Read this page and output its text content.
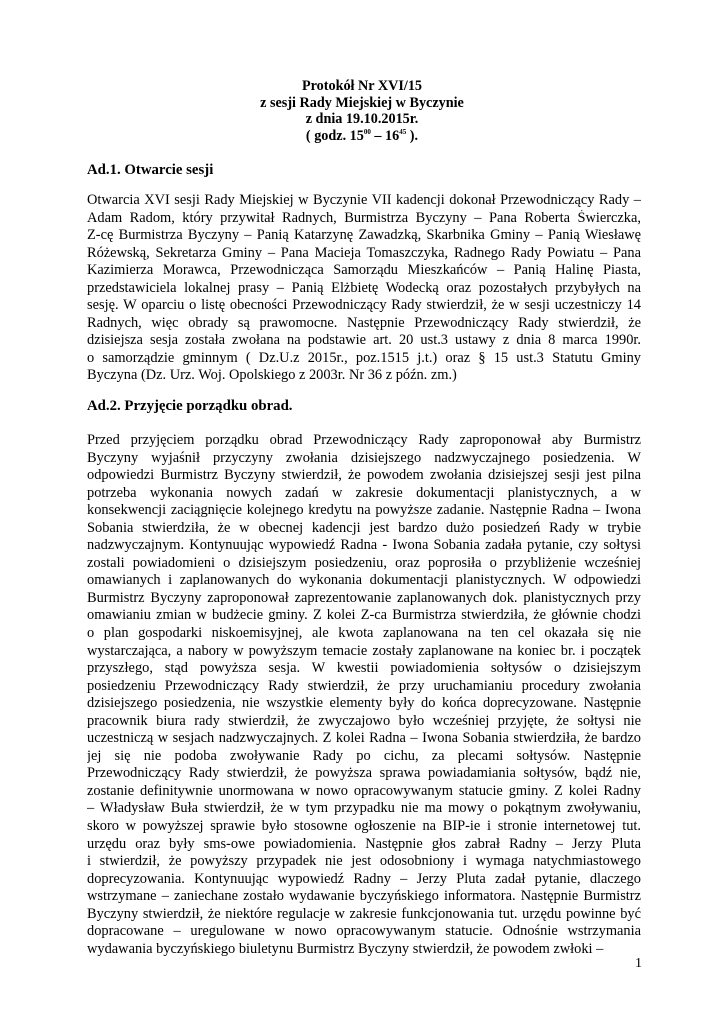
Protokół Nr XVI/15
z sesji Rady Miejskiej w Byczynie
z dnia 19.10.2015r.
( godz. $15^{00} - 16^{45}$ ).
Ad.1. Otwarcie sesji
Otwarcia XVI sesji Rady Miejskiej w Byczynie VII kadencji dokonał Przewodniczący Rady –
Adam Radom, który przywitał Radnych, Burmistrza Byczyny – Pana Roberta Świerczka,
Z-cę Burmistrza Byczyny – Panią Katarzynę Zawadzką, Skarbnika Gminy – Panią Wiesławę
Różewską, Sekretarza Gminy – Pana Macieja Tomaszczyka, Radnego Rady Powiatu – Pana
Kazimierza Morawca, Przewodnicząca Samorządu Mieszkańców – Panią Halinę Piasta,
przedstawiciela lokalnej prasy – Panią Elżbietę Wodecką oraz pozostałych przybyłych na
sesję. W oparciu o listę obecności Przewodniczący Rady stwierdził, że w sesji uczestniczy 14
Radnych, więc obrady są prawomocne. Następnie Przewodniczący Rady stwierdził, że
dzisiejsza sesja została zwołana na podstawie art. 20 ust.3 ustawy z dnia 8 marca 1990r.
o samorządzie gminnym ( Dz.U.z 2015r., poz.1515 j.t.) oraz § 15 ust.3 Statutu Gminy
Byczyna (Dz. Urz. Woj. Opolskiego z 2003r. Nr 36 z późn. zm.)
Ad.2. Przyjęcie porządku obrad.
Przed przyjęciem porządku obrad Przewodniczący Rady zaproponował aby Burmistrz
Byczyny wyjaśnił przyczyny zwołania dzisiejszego nadzwyczajnego posiedzenia. W
odpowiedzi Burmistrz Byczyny stwierdził, że powodem zwołania dzisiejszej sesji jest pilna
potrzeba wykonania nowych zadań w zakresie dokumentacji planistycznych, a w
konsekwencji zaciągnięcie kolejnego kredytu na powyższe zadanie. Następnie Radna – Iwona
Sobania stwierdziła, że w obecnej kadencji jest bardzo dużo posiedzeń Rady w trybie
nadzwyczajnym. Kontynuując wypowiedź Radna - Iwona Sobania zadała pytanie, czy sołtysi
zostali powiadomieni o dzisiejszym posiedzeniu, oraz poprosiła o przybliżenie wcześniej
omawianych i zaplanowanych do wykonania dokumentacji planistycznych. W odpowiedzi
Burmistrz Byczyny zaproponował zaprezentowanie zaplanowanych dok. planistycznych przy
omawianiu zmian w budżecie gminy. Z kolei Z-ca Burmistrza stwierdziła, że głównie chodzi
o plan gospodarki niskoemisyjnej, ale kwota zaplanowana na ten cel okazała się nie
wystarczająca, a nabory w powyższym temacie zostały zaplanowane na koniec br. i początek
przyszłego, stąd powyższa sesja. W kwestii powiadomienia sołtysów o dzisiejszym
posiedzeniu Przewodniczący Rady stwierdził, że przy uruchamianiu procedury zwołania
dzisiejszego posiedzenia, nie wszystkie elementy były do końca doprecyzowane. Następnie
pracownik biura rady stwierdził, że zwyczajowo było wcześniej przyjęte, że sołtysi nie
uczestniczą w sesjach nadzwyczajnych. Z kolei Radna – Iwona Sobania stwierdziła, że bardzo
jej się nie podoba zwoływanie Rady po cichu, za plecami sołtysów. Następnie
Przewodniczący Rady stwierdził, że powyższa sprawa powiadamiania sołtysów, bądź nie,
zostanie definitywnie unormowana w nowo opracowywanym statucie gminy. Z kolei Radny
– Władysław Buła stwierdził, że w tym przypadku nie ma mowy o pokątnym zwoływaniu,
skoro w powyższej sprawie było stosowne ogłoszenie na BIP-ie i stronie internetowej tut.
urzędu oraz były sms-owe powiadomienia. Następnie głos zabrał Radny – Jerzy Pluta
i stwierdził, że powyższy przypadek nie jest odosobniony i wymaga natychmiastowego
doprecyzowania. Kontynuując wypowiedź Radny – Jerzy Pluta zadał pytanie, dlaczego
wstrzymane – zaniechane zostało wydawanie byczyńskiego informatora. Następnie Burmistrz
Byczyny stwierdził, że niektóre regulacje w zakresie funkcjonowania tut. urzędu powinne być
dopracowane – uregulowane w nowo opracowywanym statucie. Odnośnie wstrzymania
wydawania byczyńskiego biuletynu Burmistrz Byczyny stwierdził, że powodem zwłoki –
1
